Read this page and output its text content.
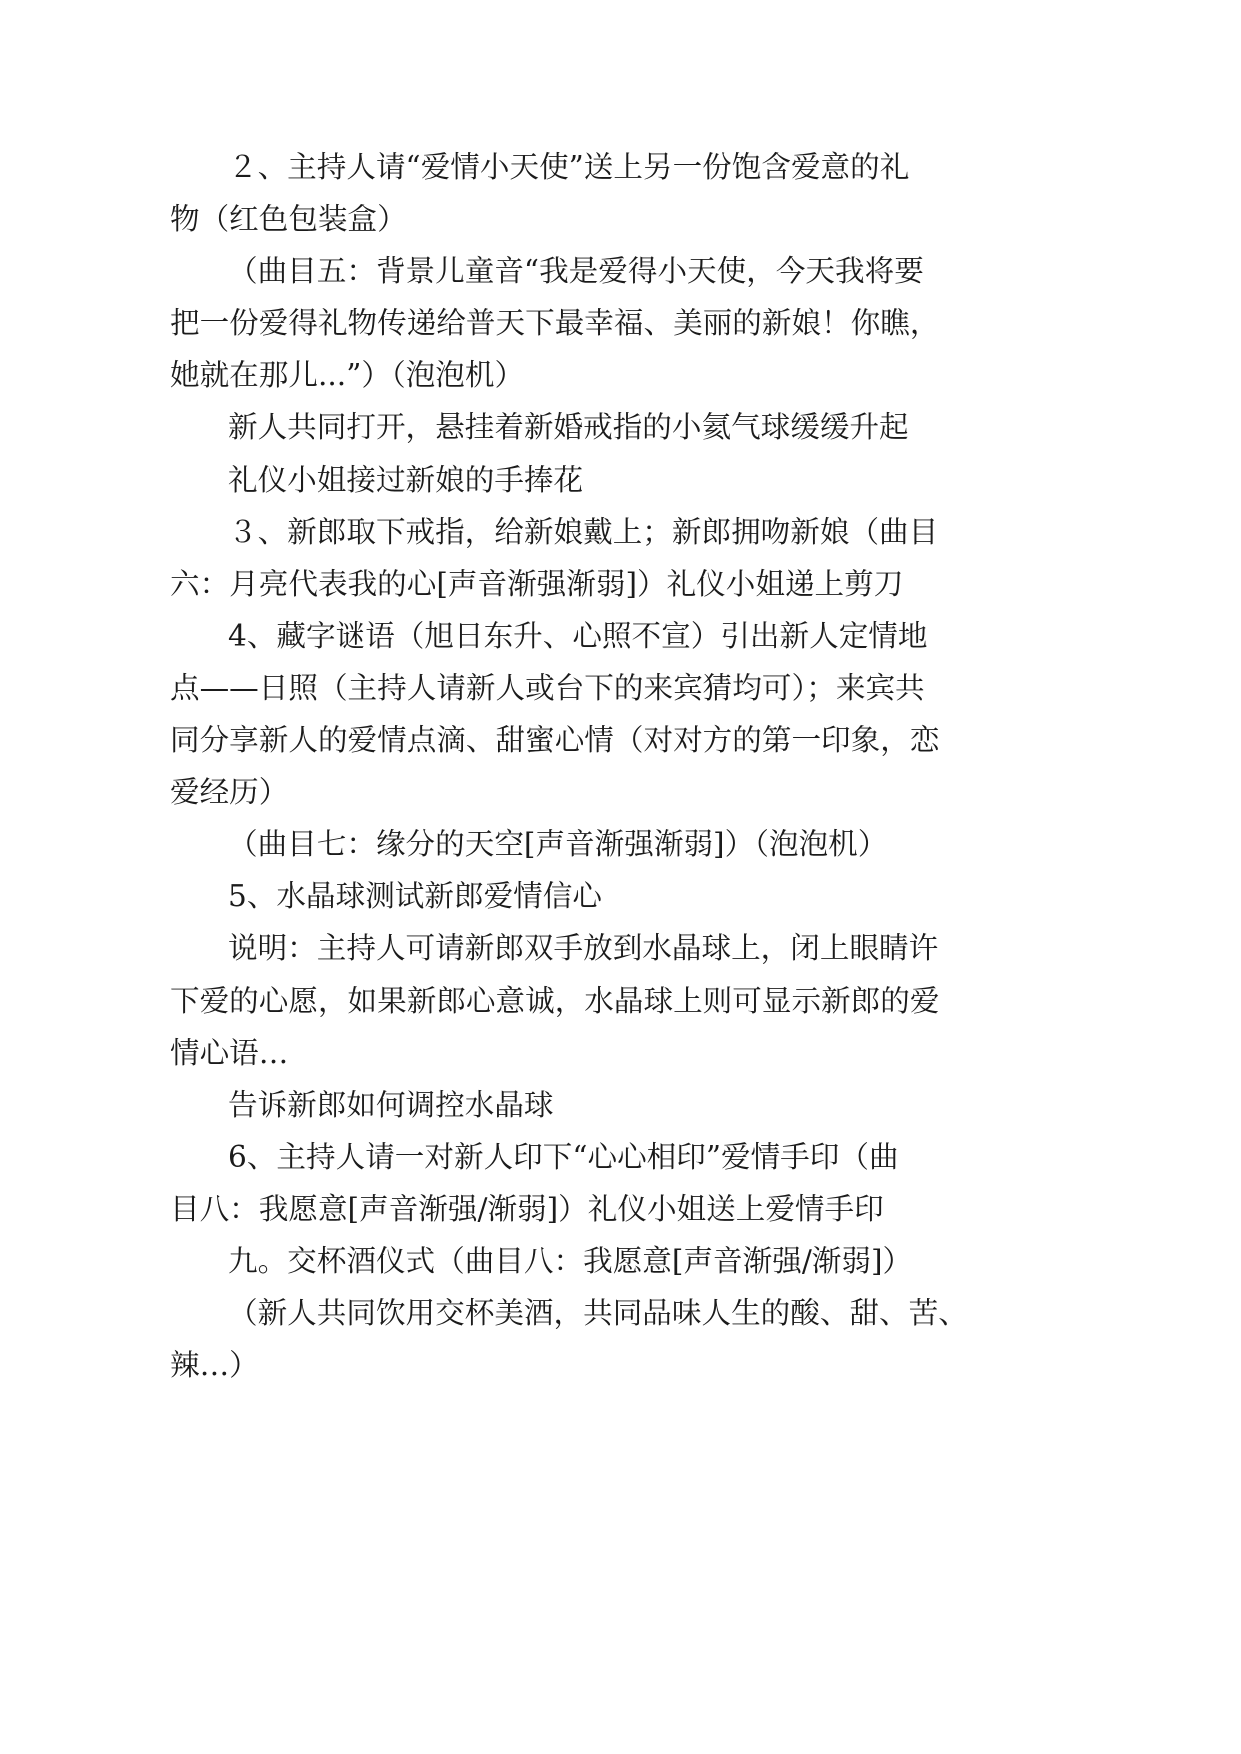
２、主持人请“爱情小天使”送上另一份饱含爱意的礼
物（红色包装盒）
（曲目五：背景儿童音“我是爱得小天使，今天我将要
把一份爱得礼物传递给普天下最幸福、美丽的新娘！你瞧，
她就在那儿...”）（泡泡机）
新人共同打开，悬挂着新婚戒指的小氦气球缓缓升起
礼仪小姐接过新娘的手捧花
３、新郎取下戒指，给新娘戴上；新郎拥吻新娘（曲目
六：月亮代表我的心[声音渐强渐弱]）礼仪小姐递上剪刀
4、藏字谜语（旭日东升、心照不宣）引出新人定情地
点——日照（主持人请新人或台下的来宾猜均可）；来宾共
同分享新人的爱情点滴、甜蜜心情（对对方的第一印象，恋
爱经历）
（曲目七：缘分的天空[声音渐强渐弱]）（泡泡机）
5、水晶球测试新郎爱情信心
说明：主持人可请新郎双手放到水晶球上，闭上眼睛许
下爱的心愿，如果新郎心意诚，水晶球上则可显示新郎的爱
情心语…
告诉新郎如何调控水晶球
6、主持人请一对新人印下“心心相印”爱情手印（曲
目八：我愿意[声音渐强/渐弱]）礼仪小姐送上爱情手印
九。交杯酒仪式（曲目八：我愿意[声音渐强/渐弱]）
（新人共同饮用交杯美酒，共同品味人生的酸、甜、苦、
辣…）
